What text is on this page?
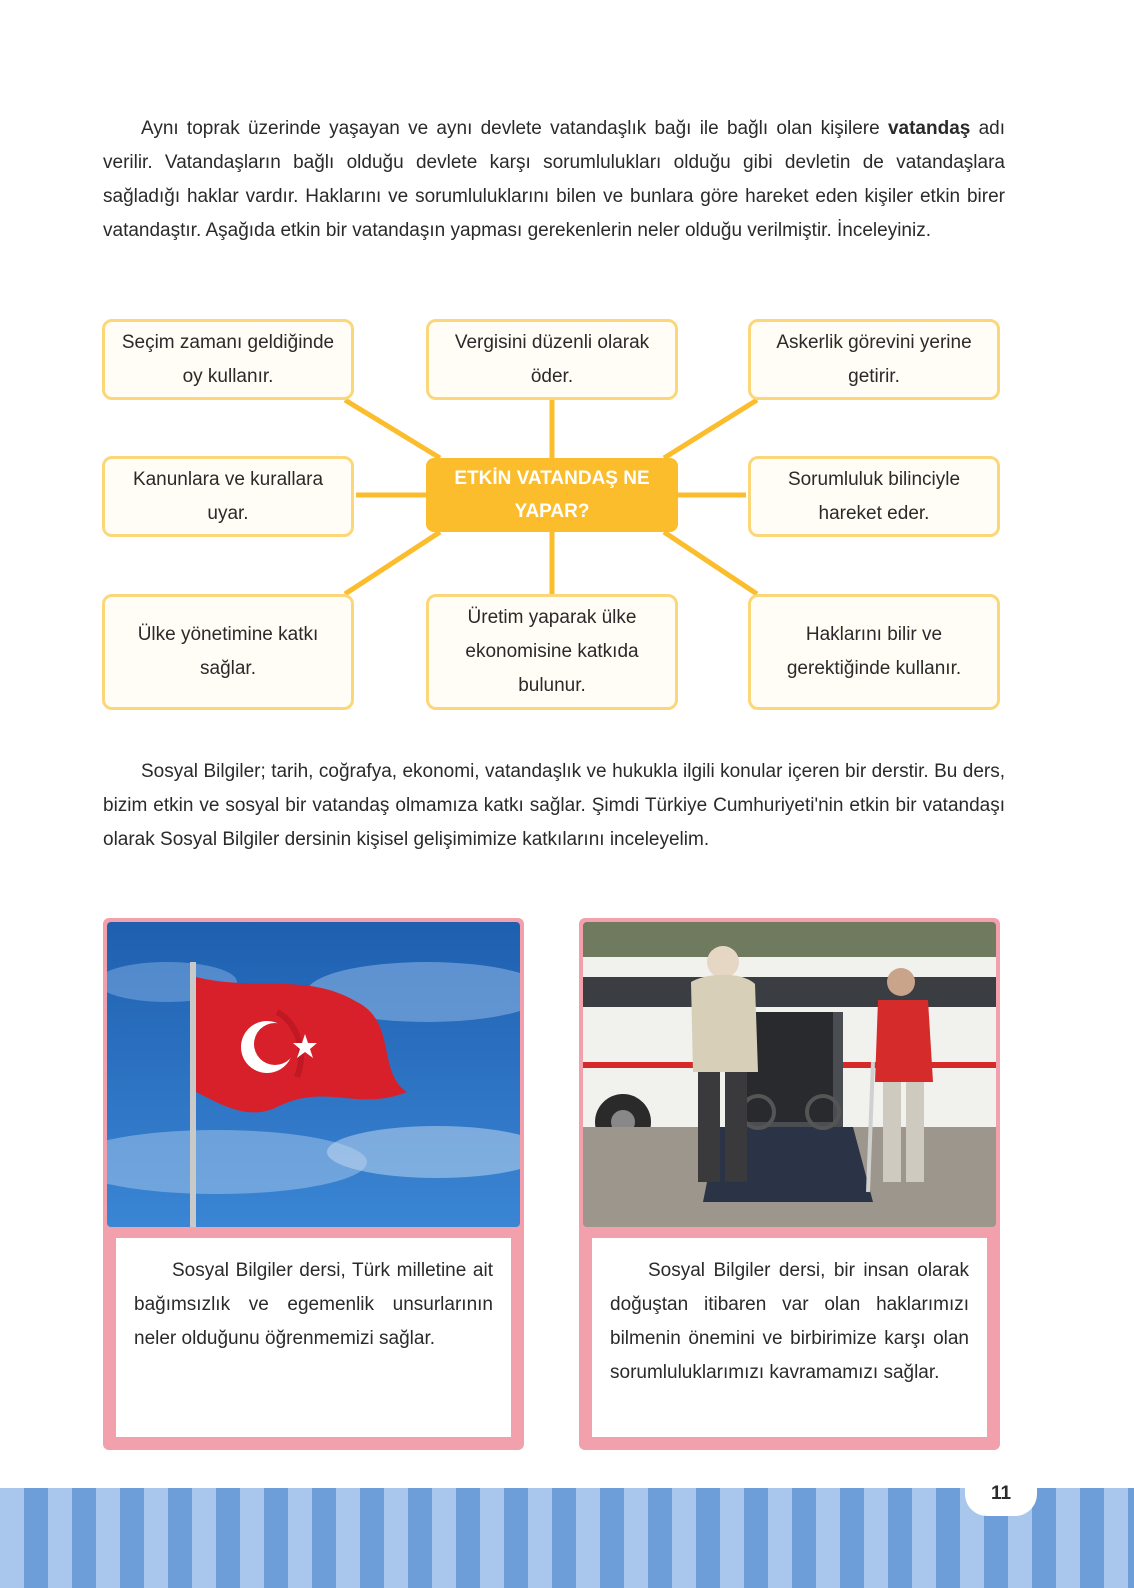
Aynı toprak üzerinde yaşayan ve aynı devlete vatandaşlık bağı ile bağlı olan kişilere vatandaş adı verilir. Vatandaşların bağlı olduğu devlete karşı sorumlulukları olduğu gibi devletin de vatandaşlara sağladığı haklar vardır. Haklarını ve sorumluluklarını bilen ve bunlara göre hareket eden kişiler etkin birer vatandaştır. Aşağıda etkin bir vatandaşın yapması gerekenlerin neler olduğu verilmiştir. İnceleyiniz.

Seçim zamanı geldiğinde oy kullanır.
Vergisini düzenli olarak öder.
Askerlik görevini yerine getirir.
Kanunlara ve kurallara uyar.
ETKİN VATANDAŞ NE YAPAR?
Sorumluluk bilinciyle hareket eder.
Ülke yönetimine katkı sağlar.
Üretim yaparak ülke ekonomisine katkıda bulunur.
Haklarını bilir ve gerektiğinde kullanır.

Sosyal Bilgiler; tarih, coğrafya, ekonomi, vatandaşlık ve hukukla ilgili konular içeren bir derstir. Bu ders, bizim etkin ve sosyal bir vatandaş olmamıza katkı sağlar. Şimdi Türkiye Cumhuriyeti'nin etkin bir vatandaşı olarak Sosyal Bilgiler dersinin kişisel gelişimimize katkılarını inceleyelim.

Sosyal Bilgiler dersi, Türk milletine ait bağımsızlık ve egemenlik unsurlarının neler olduğunu öğrenmemizi sağlar.
Sosyal Bilgiler dersi, bir insan olarak doğuştan itibaren var olan haklarımızı bilmenin önemini ve birbirimize karşı olan sorumluluklarımızı kavramamızı sağlar.
11
